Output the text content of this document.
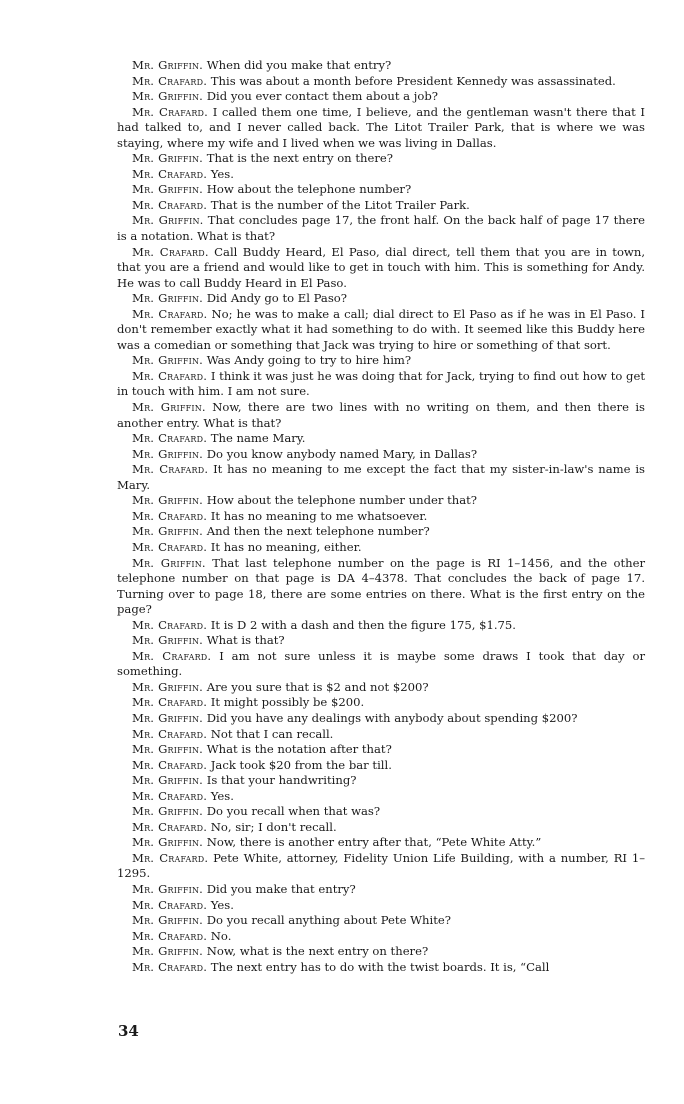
Mr. Griffin. When did you make that entry?

Mr. Crafard. This was about a month before President Kennedy was assassinated.

Mr. Griffin. Did you ever contact them about a job?

Mr. Crafard. I called them one time, I believe, and the gentleman wasn't there that I had talked to, and I never called back. The Litot Trailer Park, that is where we was staying, where my wife and I lived when we was living in Dallas.

Mr. Griffin. That is the next entry on there?

Mr. Crafard. Yes.

Mr. Griffin. How about the telephone number?

Mr. Crafard. That is the number of the Litot Trailer Park.

Mr. Griffin. That concludes page 17, the front half. On the back half of page 17 there is a notation. What is that?

Mr. Crafard. Call Buddy Heard, El Paso, dial direct, tell them that you are in town, that you are a friend and would like to get in touch with him. This is something for Andy. He was to call Buddy Heard in El Paso.

Mr. Griffin. Did Andy go to El Paso?

Mr. Crafard. No; he was to make a call; dial direct to El Paso as if he was in El Paso. I don't remember exactly what it had something to do with. It seemed like this Buddy here was a comedian or something that Jack was trying to hire or something of that sort.

Mr. Griffin. Was Andy going to try to hire him?

Mr. Crafard. I think it was just he was doing that for Jack, trying to find out how to get in touch with him. I am not sure.

Mr. Griffin. Now, there are two lines with no writing on them, and then there is another entry. What is that?

Mr. Crafard. The name Mary.

Mr. Griffin. Do you know anybody named Mary, in Dallas?

Mr. Crafard. It has no meaning to me except the fact that my sister-in-law's name is Mary.

Mr. Griffin. How about the telephone number under that?

Mr. Crafard. It has no meaning to me whatsoever.

Mr. Griffin. And then the next telephone number?

Mr. Crafard. It has no meaning, either.

Mr. Griffin. That last telephone number on the page is RI 1–1456, and the other telephone number on that page is DA 4–4378. That concludes the back of page 17. Turning over to page 18, there are some entries on there. What is the first entry on the page?

Mr. Crafard. It is D 2 with a dash and then the figure 175, $1.75.

Mr. Griffin. What is that?

Mr. Crafard. I am not sure unless it is maybe some draws I took that day or something.

Mr. Griffin. Are you sure that is $2 and not $200?

Mr. Crafard. It might possibly be $200.

Mr. Griffin. Did you have any dealings with anybody about spending $200?

Mr. Crafard. Not that I can recall.

Mr. Griffin. What is the notation after that?

Mr. Crafard. Jack took $20 from the bar till.

Mr. Griffin. Is that your handwriting?

Mr. Crafard. Yes.

Mr. Griffin. Do you recall when that was?

Mr. Crafard. No, sir; I don't recall.

Mr. Griffin. Now, there is another entry after that, “Pete White Atty.”

Mr. Crafard. Pete White, attorney, Fidelity Union Life Building, with a number, RI 1–1295.

Mr. Griffin. Did you make that entry?

Mr. Crafard. Yes.

Mr. Griffin. Do you recall anything about Pete White?

Mr. Crafard. No.

Mr. Griffin. Now, what is the next entry on there?

Mr. Crafard. The next entry has to do with the twist boards. It is, “Call

34
